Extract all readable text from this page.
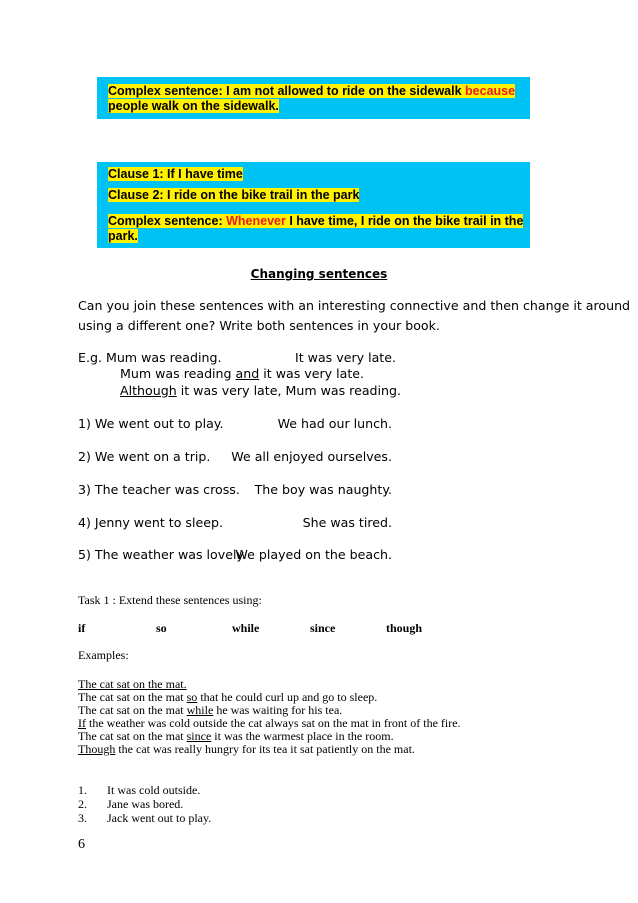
Complex sentence: I am not allowed to ride on the sidewalk because
people walk on the sidewalk.
Clause 1: If I have time
Clause 2: I ride on the bike trail in the park
Complex sentence: Whenever I have time, I ride on the bike trail in the
park.
Changing sentences
Can you join these sentences with an interesting connective and then change it around
using a different one? Write both sentences in your book.
E.g. Mum was reading.	It was very late.
Mum was reading and it was very late.
Although it was very late, Mum was reading.
1) We went out to play.	We had our lunch.
2) We went on a trip. We all enjoyed ourselves.
3) The teacher was cross. The boy was naughty.
4) Jenny went to sleep.	She was tired.
5) The weather was lovely.
We played on the beach.
Task 1 : Extend these sentences using:
if	so	while	since	though
Examples:
The cat sat on the mat.
The cat sat on the mat so that he could curl up and go to sleep.
The cat sat on the mat while he was waiting for his tea.
If the weather was cold outside the cat always sat on the mat in front of the fire.
The cat sat on the mat since it was the warmest place in the room.
Though the cat was really hungry for its tea it sat patiently on the mat.
1. It was cold outside.
2. Jane was bored.
3. Jack went out to play.
6
